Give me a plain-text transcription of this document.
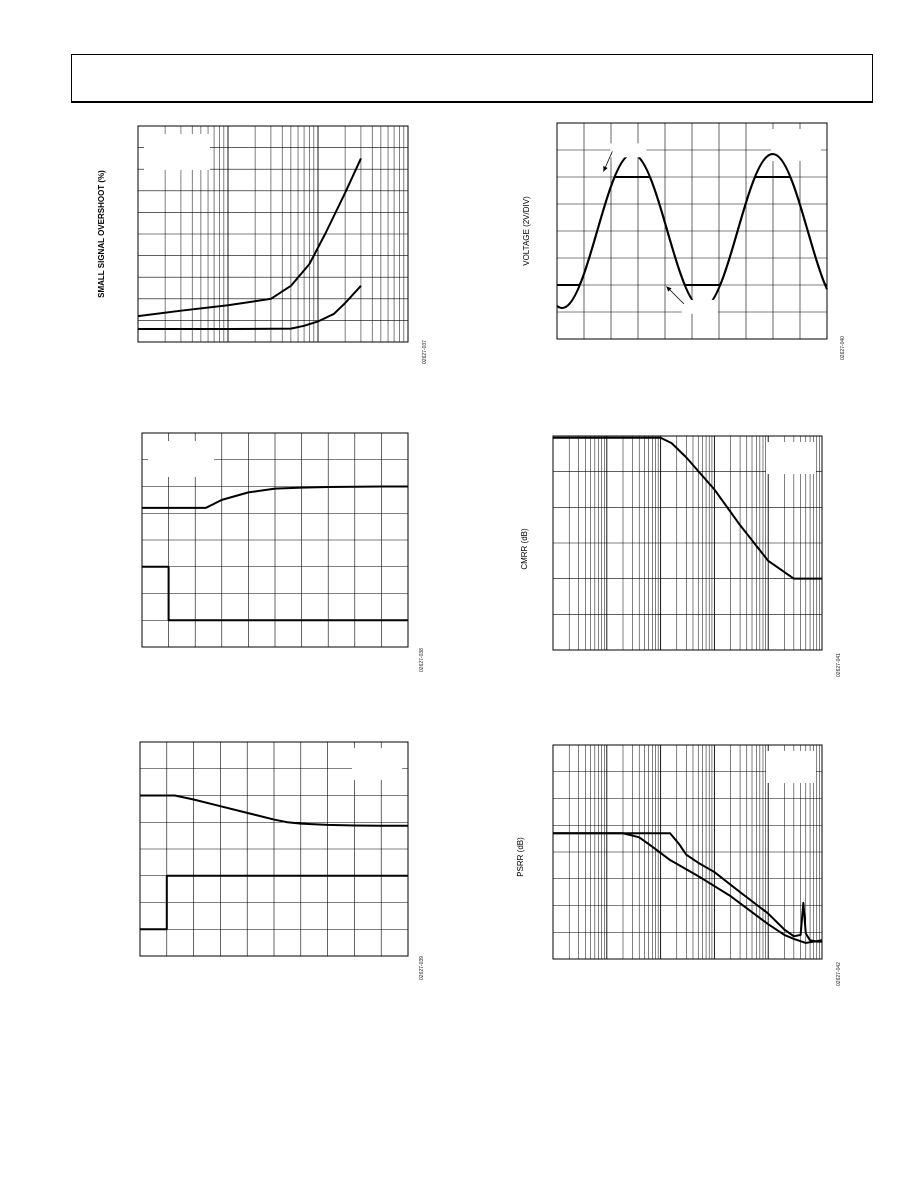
SMALL SIGNAL OVERSHOOT (%)
02627-037
VOLTAGE (2V/DIV)
02627-040
02627-038
CMRR (dB)
02627-041
02627-039
PSRR (dB)
02627-042
